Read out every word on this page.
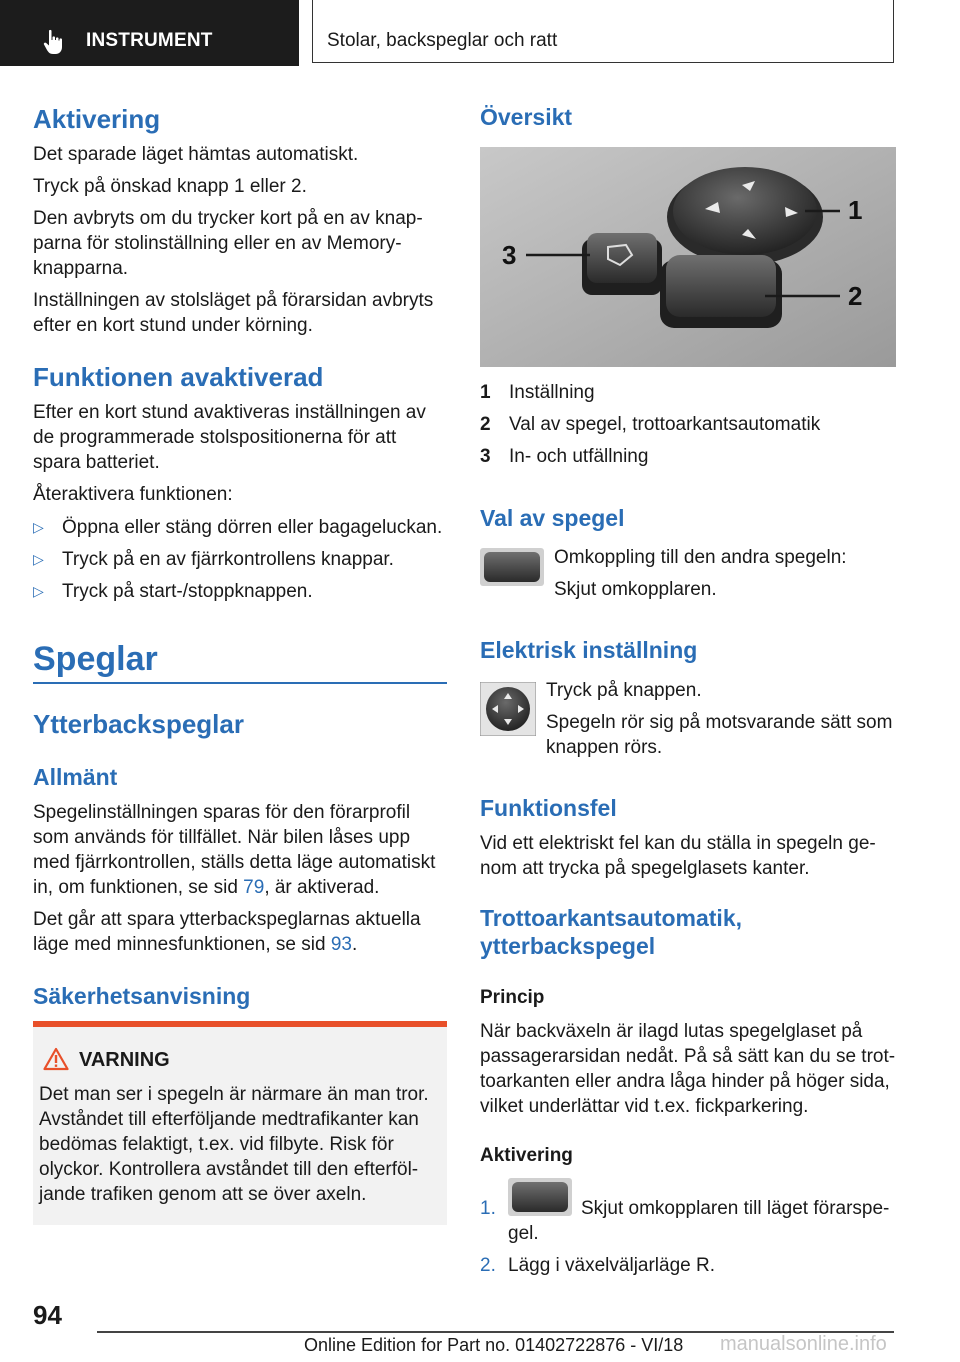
INSTRUMENT	Stolar, backspeglar och ratt
Aktivering
Det sparade läget hämtas automatiskt.
Tryck på önskad knapp 1 eller 2.
Den avbryts om du trycker kort på en av knap‐
parna för stolinställning eller en av Memory-
knapparna.
Inställningen av stolsläget på förarsidan avbryts
efter en kort stund under körning.
Funktionen avaktiverad
Efter en kort stund avaktiveras inställningen av
de programmerade stolspositionerna för att
spara batteriet.
Återaktivera funktionen:
▷ Öppna eller stäng dörren eller bagageluckan.
▷ Tryck på en av fjärrkontrollens knappar.
▷ Tryck på start-/stoppknappen.
Speglar
Ytterbackspeglar
Allmänt
Spegelinställningen sparas för den förarprofil
som används för tillfället. När bilen låses upp
med fjärrkontrollen, ställs detta läge automatiskt
in, om funktionen, se sid 79, är aktiverad.
Det går att spara ytterbackspeglarnas aktuella
läge med minnesfunktionen, se sid 93.
Säkerhetsanvisning
VARNING
Det man ser i spegeln är närmare än man tror.
Avståndet till efterföljande medtrafikanter kan
bedömas felaktigt, t.ex. vid filbyte. Risk för
olyckor. Kontrollera avståndet till den efterföl‐
jande trafiken genom att se över axeln.
Översikt
1
2
3
1 Inställning
2 Val av spegel, trottoarkantsautomatik
3 In- och utfällning
Val av spegel
Omkoppling till den andra spegeln:
Skjut omkopplaren.
Elektrisk inställning
Tryck på knappen.
Spegeln rör sig på motsvarande sätt som
knappen rörs.
Funktionsfel
Vid ett elektriskt fel kan du ställa in spegeln ge‐
nom att trycka på spegelglasets kanter.
Trottoarkantsautomatik,
ytterbackspegel
Princip
När backväxeln är ilagd lutas spegelglaset på
passagerarsidan nedåt. På så sätt kan du se trot‐
toarkanten eller andra låga hinder på höger sida,
vilket underlättar vid t.ex. fickparkering.
Aktivering
1.	Skjut omkopplaren till läget förarspe‐
gel.
2. Lägg i växelväljarläge R.
94
Online Edition for Part no. 01402722876 - VI/18 manualsonline.info
